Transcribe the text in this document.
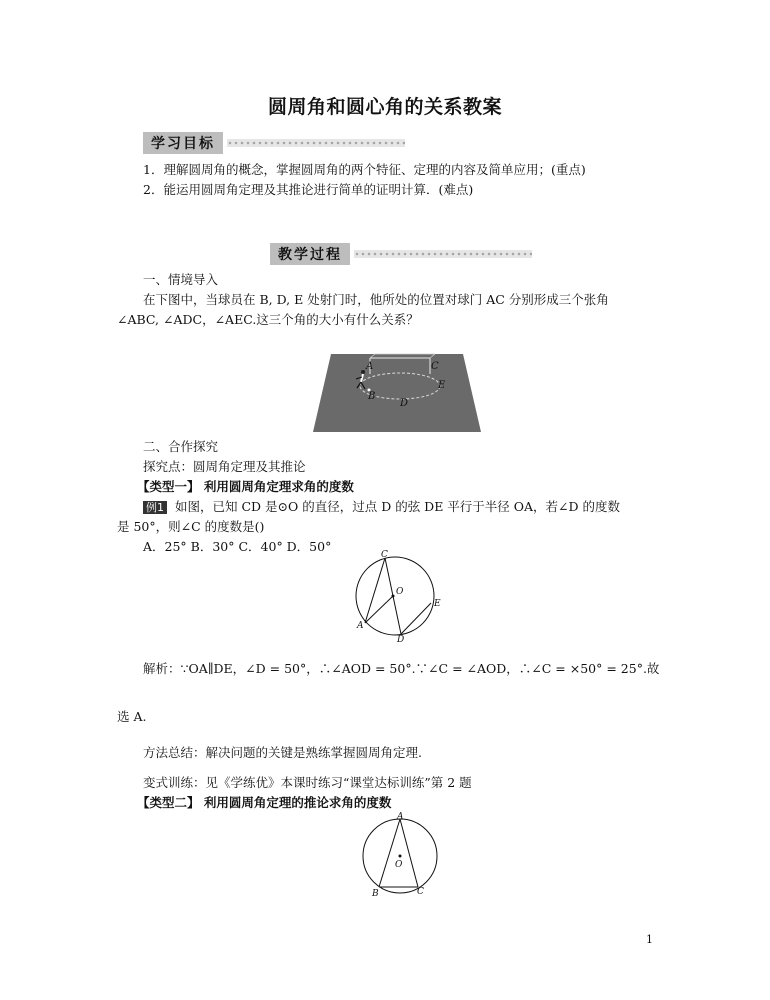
圆周角和圆心角的关系教案
学习目标
1．理解圆周角的概念，掌握圆周角的两个特征、定理的内容及简单应用；(重点)
2．能运用圆周角定理及其推论进行简单的证明计算．(难点)
教学过程
一、情境导入
在下图中，当球员在 B, D, E 处射门时，他所处的位置对球门 AC 分别形成三个张角
∠ABC, ∠ADC，∠AEC.这三个角的大小有什么关系？
A	C
E
B
D
二、合作探究
探究点：圆周角定理及其推论
【类型一】 利用圆周角定理求角的度数
例1 如图，已知 CD 是⊙O 的直径，过点 D 的弦 DE 平行于半径 OA，若∠D 的度数
是 50°，则∠C 的度数是()
A．25° B．30° C．40° D．50°
C
O
E
A
D
解析：∵OA∥DE，∠D = 50°，∴∠AOD = 50°.∵∠C = ∠AOD，∴∠C = ×50° = 25°.故
选 A.
方法总结：解决问题的关键是熟练掌握圆周角定理.
变式训练：见《学练优》本课时练习“课堂达标训练”第 2 题
【类型二】 利用圆周角定理的推论求角的度数
A
O
B	C
1
